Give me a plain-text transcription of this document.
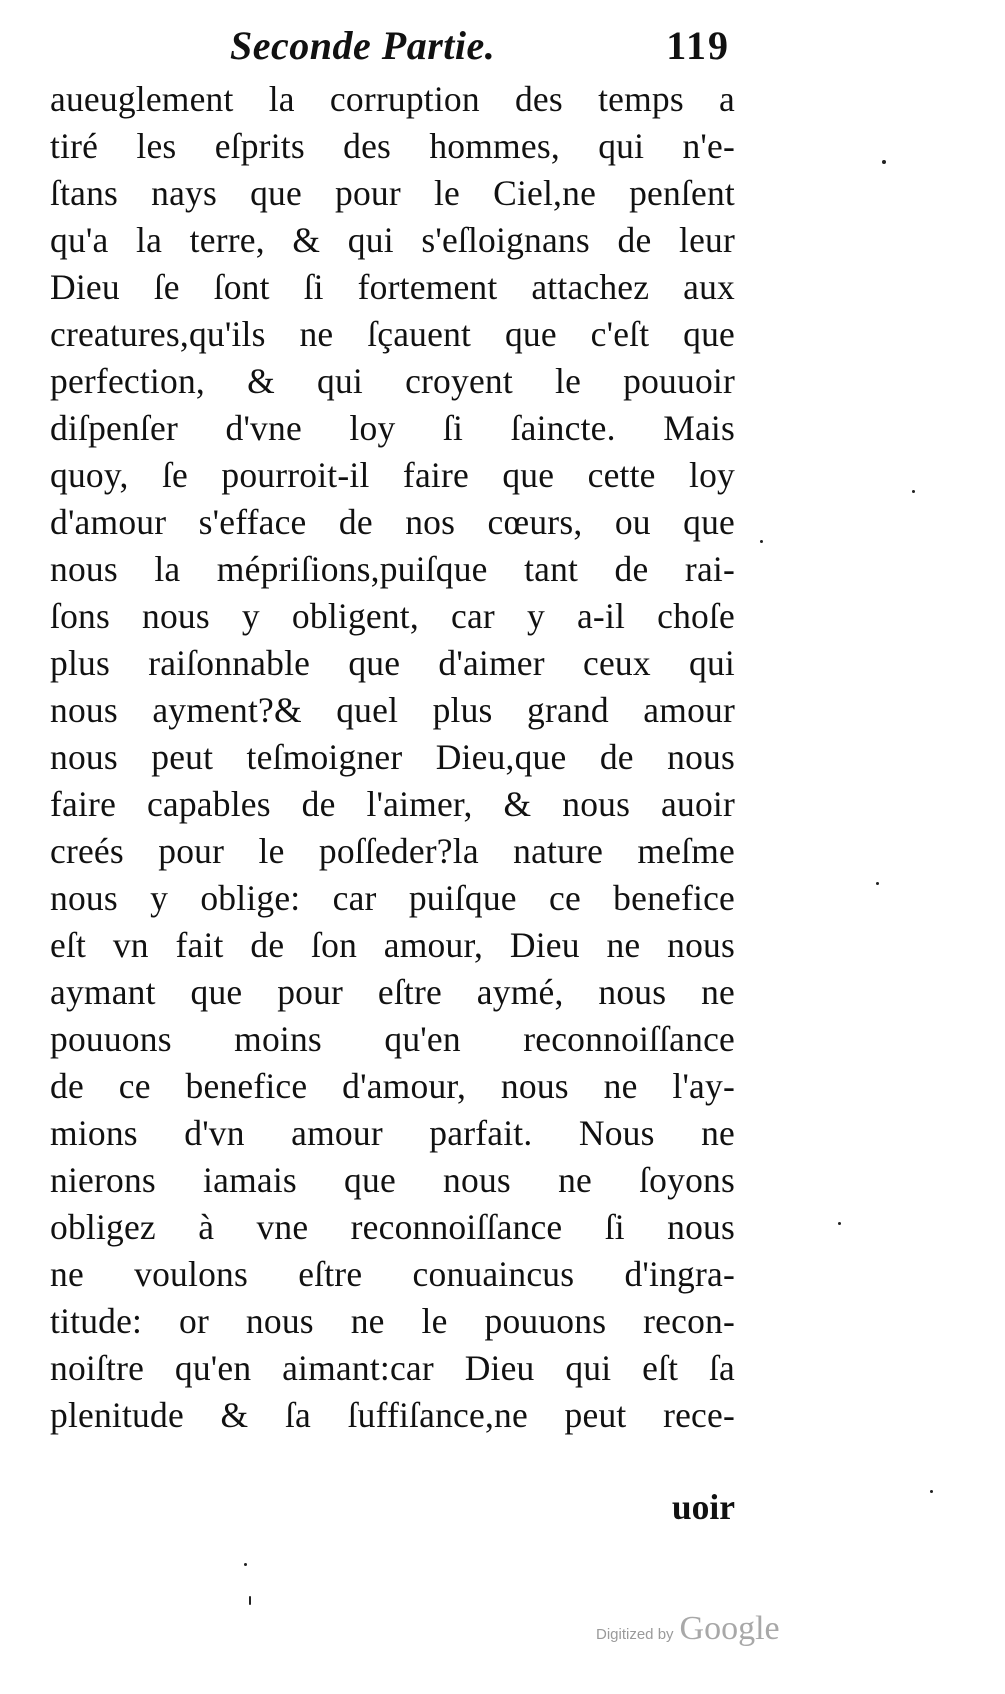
Seconde Partie.	119
aueuglement la corruption des temps a
tiré les eſprits des hommes, qui n'e-
ſtans nays que pour le Ciel,ne penſent
qu'a la terre, & qui s'eſloignans de leur
Dieu ſe ſont ſi fortement attachez aux
creatures,qu'ils ne ſçauent que c'eſt que
perfection, & qui croyent le pouuoir
diſpenſer d'vne loy ſi ſaincte. Mais
quoy, ſe pourroit-il faire que cette loy
d'amour s'efface de nos cœurs, ou que
nous la mépriſions,puiſque tant de rai-
ſons nous y obligent, car y a-il choſe
plus raiſonnable que d'aimer ceux qui
nous ayment?& quel plus grand amour
nous peut teſmoigner Dieu,que de nous
faire capables de l'aimer, & nous auoir
creés pour le poſſeder?la nature meſme
nous y oblige: car puiſque ce benefice
eſt vn fait de ſon amour, Dieu ne nous
aymant que pour eſtre aymé, nous ne
pouuons moins qu'en reconnoiſſance
de ce benefice d'amour, nous ne l'ay-
mions d'vn amour parfait. Nous ne
nierons iamais que nous ne ſoyons
obligez à vne reconnoiſſance ſi nous
ne voulons eſtre conuaincus d'ingra-
titude: or nous ne le pouuons recon-
noiſtre qu'en aimant:car Dieu qui eſt ſa
plenitude & ſa ſuffiſance,ne peut rece-
uoir
Digitized by Google
